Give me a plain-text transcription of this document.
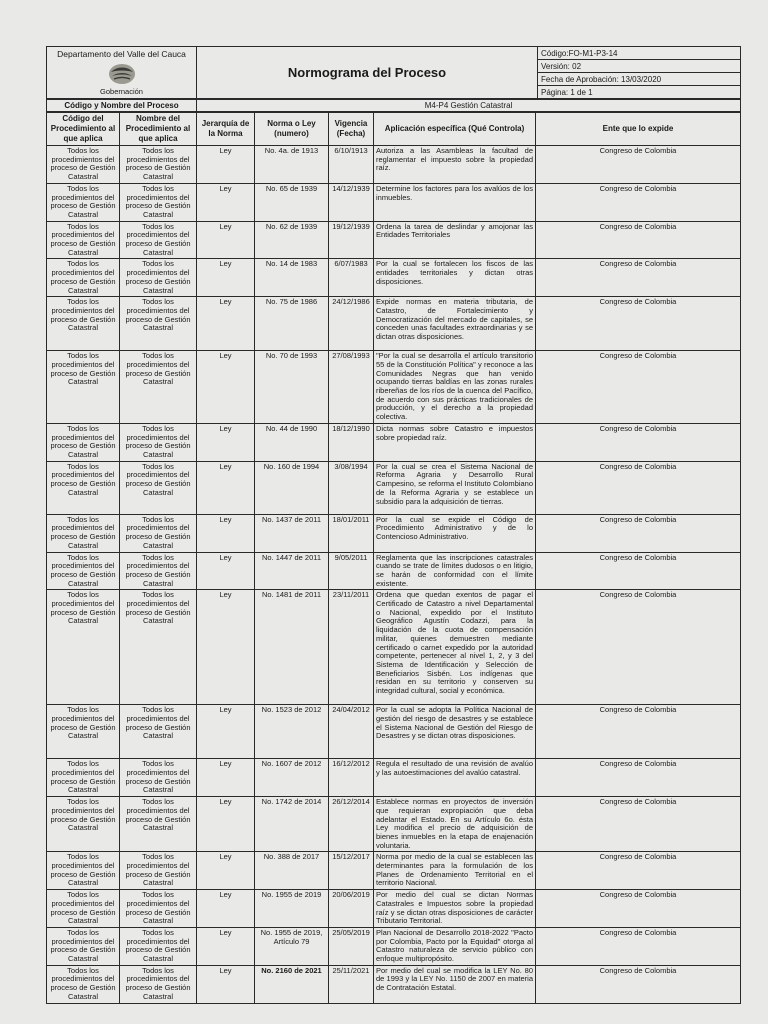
Departamento del Valle del Cauca
Gobernación
	Normograma del Proceso	Código:FO-M1-P3-14
Versión: 02
Fecha de Aprobación: 13/03/2020
Página: 1 de 1
Código y Nombre del Proceso	M4-P4 Gestión Catastral
Código del Procedimiento al que aplica	Nombre del Procedimiento al que aplica	Jerarquía de la Norma	Norma o Ley (numero)	Vigencia (Fecha)	Aplicación específica (Qué Controla)	Ente que lo expide
Todos los procedimientos del proceso de Gestión Catastral	Todos los procedimientos del proceso de Gestión Catastral	Ley	No. 4a. de 1913	6/10/1913	Autoriza a las Asambleas la facultad de reglamentar el impuesto sobre la propiedad raíz.	Congreso de Colombia
Todos los procedimientos del proceso de Gestión Catastral	Todos los procedimientos del proceso de Gestión Catastral	Ley	No. 65 de 1939	14/12/1939	Determine los factores para los avalúos de los inmuebles.	Congreso de Colombia
Todos los procedimientos del proceso de Gestión Catastral	Todos los procedimientos del proceso de Gestión Catastral	Ley	No. 62 de 1939	19/12/1939	Ordena la tarea de deslindar y amojonar las Entidades Territoriales	Congreso de Colombia
Todos los procedimientos del proceso de Gestión Catastral	Todos los procedimientos del proceso de Gestión Catastral	Ley	No. 14 de 1983	6/07/1983	Por la cual se fortalecen los fiscos de las entidades territoriales y dictan otras disposiciones.	Congreso de Colombia
Todos los procedimientos del proceso de Gestión Catastral	Todos los procedimientos del proceso de Gestión Catastral	Ley	No. 75 de 1986	24/12/1986	Expide normas en materia tributaria, de Catastro, de Fortalecimiento y Democratización del mercado de capitales, se conceden unas facultades extraordinarias y se dictan otras disposiciones.	Congreso de Colombia
Todos los procedimientos del proceso de Gestión Catastral	Todos los procedimientos del proceso de Gestión Catastral	Ley	No. 70 de 1993	27/08/1993	"Por la cual se desarrolla el artículo transitorio 55 de la Constitución Política" y reconoce a las Comunidades Negras que han venido ocupando tierras baldías en las zonas rurales ribereñas de los ríos de la cuenca del Pacífico, de acuerdo con sus prácticas tradicionales de producción, y el derecho a la propiedad colectiva.	Congreso de Colombia
Todos los procedimientos del proceso de Gestión Catastral	Todos los procedimientos del proceso de Gestión Catastral	Ley	No. 44 de 1990	18/12/1990	Dicta normas sobre Catastro e impuestos sobre propiedad raíz.	Congreso de Colombia
Todos los procedimientos del proceso de Gestión Catastral	Todos los procedimientos del proceso de Gestión Catastral	Ley	No. 160 de 1994	3/08/1994	Por la cual se crea el Sistema Nacional de Reforma Agraria y Desarrollo Rural Campesino, se reforma el Instituto Colombiano de la Reforma Agraria y se establece un subsidio para la adquisición de tierras.	Congreso de Colombia
Todos los procedimientos del proceso de Gestión Catastral	Todos los procedimientos del proceso de Gestión Catastral	Ley	No. 1437 de 2011	18/01/2011	Por la cual se expide el Código de Procedimiento Administrativo y de lo Contencioso Administrativo.	Congreso de Colombia
Todos los procedimientos del proceso de Gestión Catastral	Todos los procedimientos del proceso de Gestión Catastral	Ley	No. 1447 de 2011	9/05/2011	Reglamenta que las inscripciones catastrales cuando se trate de límites dudosos o en litigio, se harán de conformidad con el límite existente.	Congreso de Colombia
Todos los procedimientos del proceso de Gestión Catastral	Todos los procedimientos del proceso de Gestión Catastral	Ley	No. 1481 de 2011	23/11/2011	Ordena que quedan exentos de pagar el Certificado de Catastro a nivel Departamental o Nacional, expedido por el Instituto Geográfico Agustín Codazzi, para la liquidación de la cuota de compensación militar, quienes demuestren mediante certificado o carnet expedido por la autoridad competente, pertenecer al nivel 1, 2, y 3 del Sistema de Identificación y Selección de Beneficiarios Sisbén. Los indígenas que residan en su territorio y conserven su integridad cultural, social y económica.	Congreso de Colombia
Todos los procedimientos del proceso de Gestión Catastral	Todos los procedimientos del proceso de Gestión Catastral	Ley	No. 1523 de 2012	24/04/2012	Por la cual se adopta la Política Nacional de gestión del riesgo de desastres y se establece el Sistema Nacional de Gestión del Riesgo de Desastres y se dictan otras disposiciones.	Congreso de Colombia
Todos los procedimientos del proceso de Gestión Catastral	Todos los procedimientos del proceso de Gestión Catastral	Ley	No. 1607 de 2012	16/12/2012	Regula el resultado de una revisión de avalúo y las autoestimaciones del avalúo catastral.	Congreso de Colombia
Todos los procedimientos del proceso de Gestión Catastral	Todos los procedimientos del proceso de Gestión Catastral	Ley	No. 1742 de 2014	26/12/2014	Establece normas en proyectos de inversión que requieran expropiación que deba adelantar el Estado. En su Artículo 6o. ésta Ley modifica el precio de adquisición de bienes inmuebles en la etapa de enajenación voluntaria.	Congreso de Colombia
Todos los procedimientos del proceso de Gestión Catastral	Todos los procedimientos del proceso de Gestión Catastral	Ley	No. 388 de 2017	15/12/2017	Norma por medio de la cual se establecen las determinantes para la formulación de los Planes de Ordenamiento Territorial en el territorio Nacional.	Congreso de Colombia
Todos los procedimientos del proceso de Gestión Catastral	Todos los procedimientos del proceso de Gestión Catastral	Ley	No. 1955 de 2019	20/06/2019	Por medio del cual se dictan Normas Catastrales e Impuestos sobre la propiedad raíz y se dictan otras disposiciones de carácter Tributario Territorial.	Congreso de Colombia
Todos los procedimientos del proceso de Gestión Catastral	Todos los procedimientos del proceso de Gestión Catastral	Ley	No. 1955 de 2019, Artículo 79	25/05/2019	Plan Nacional de Desarrollo 2018-2022 "Pacto por Colombia, Pacto por la Equidad" otorga al Catastro naturaleza de servicio público con enfoque multipropósito.	Congreso de Colombia
Todos los procedimientos del proceso de Gestión Catastral	Todos los procedimientos del proceso de Gestión Catastral	Ley	No. 2160 de 2021	25/11/2021	Por medio del cual se modifica la LEY No. 80 de 1993 y la LEY No. 1150 de 2007 en materia de Contratación Estatal.	Congreso de Colombia
